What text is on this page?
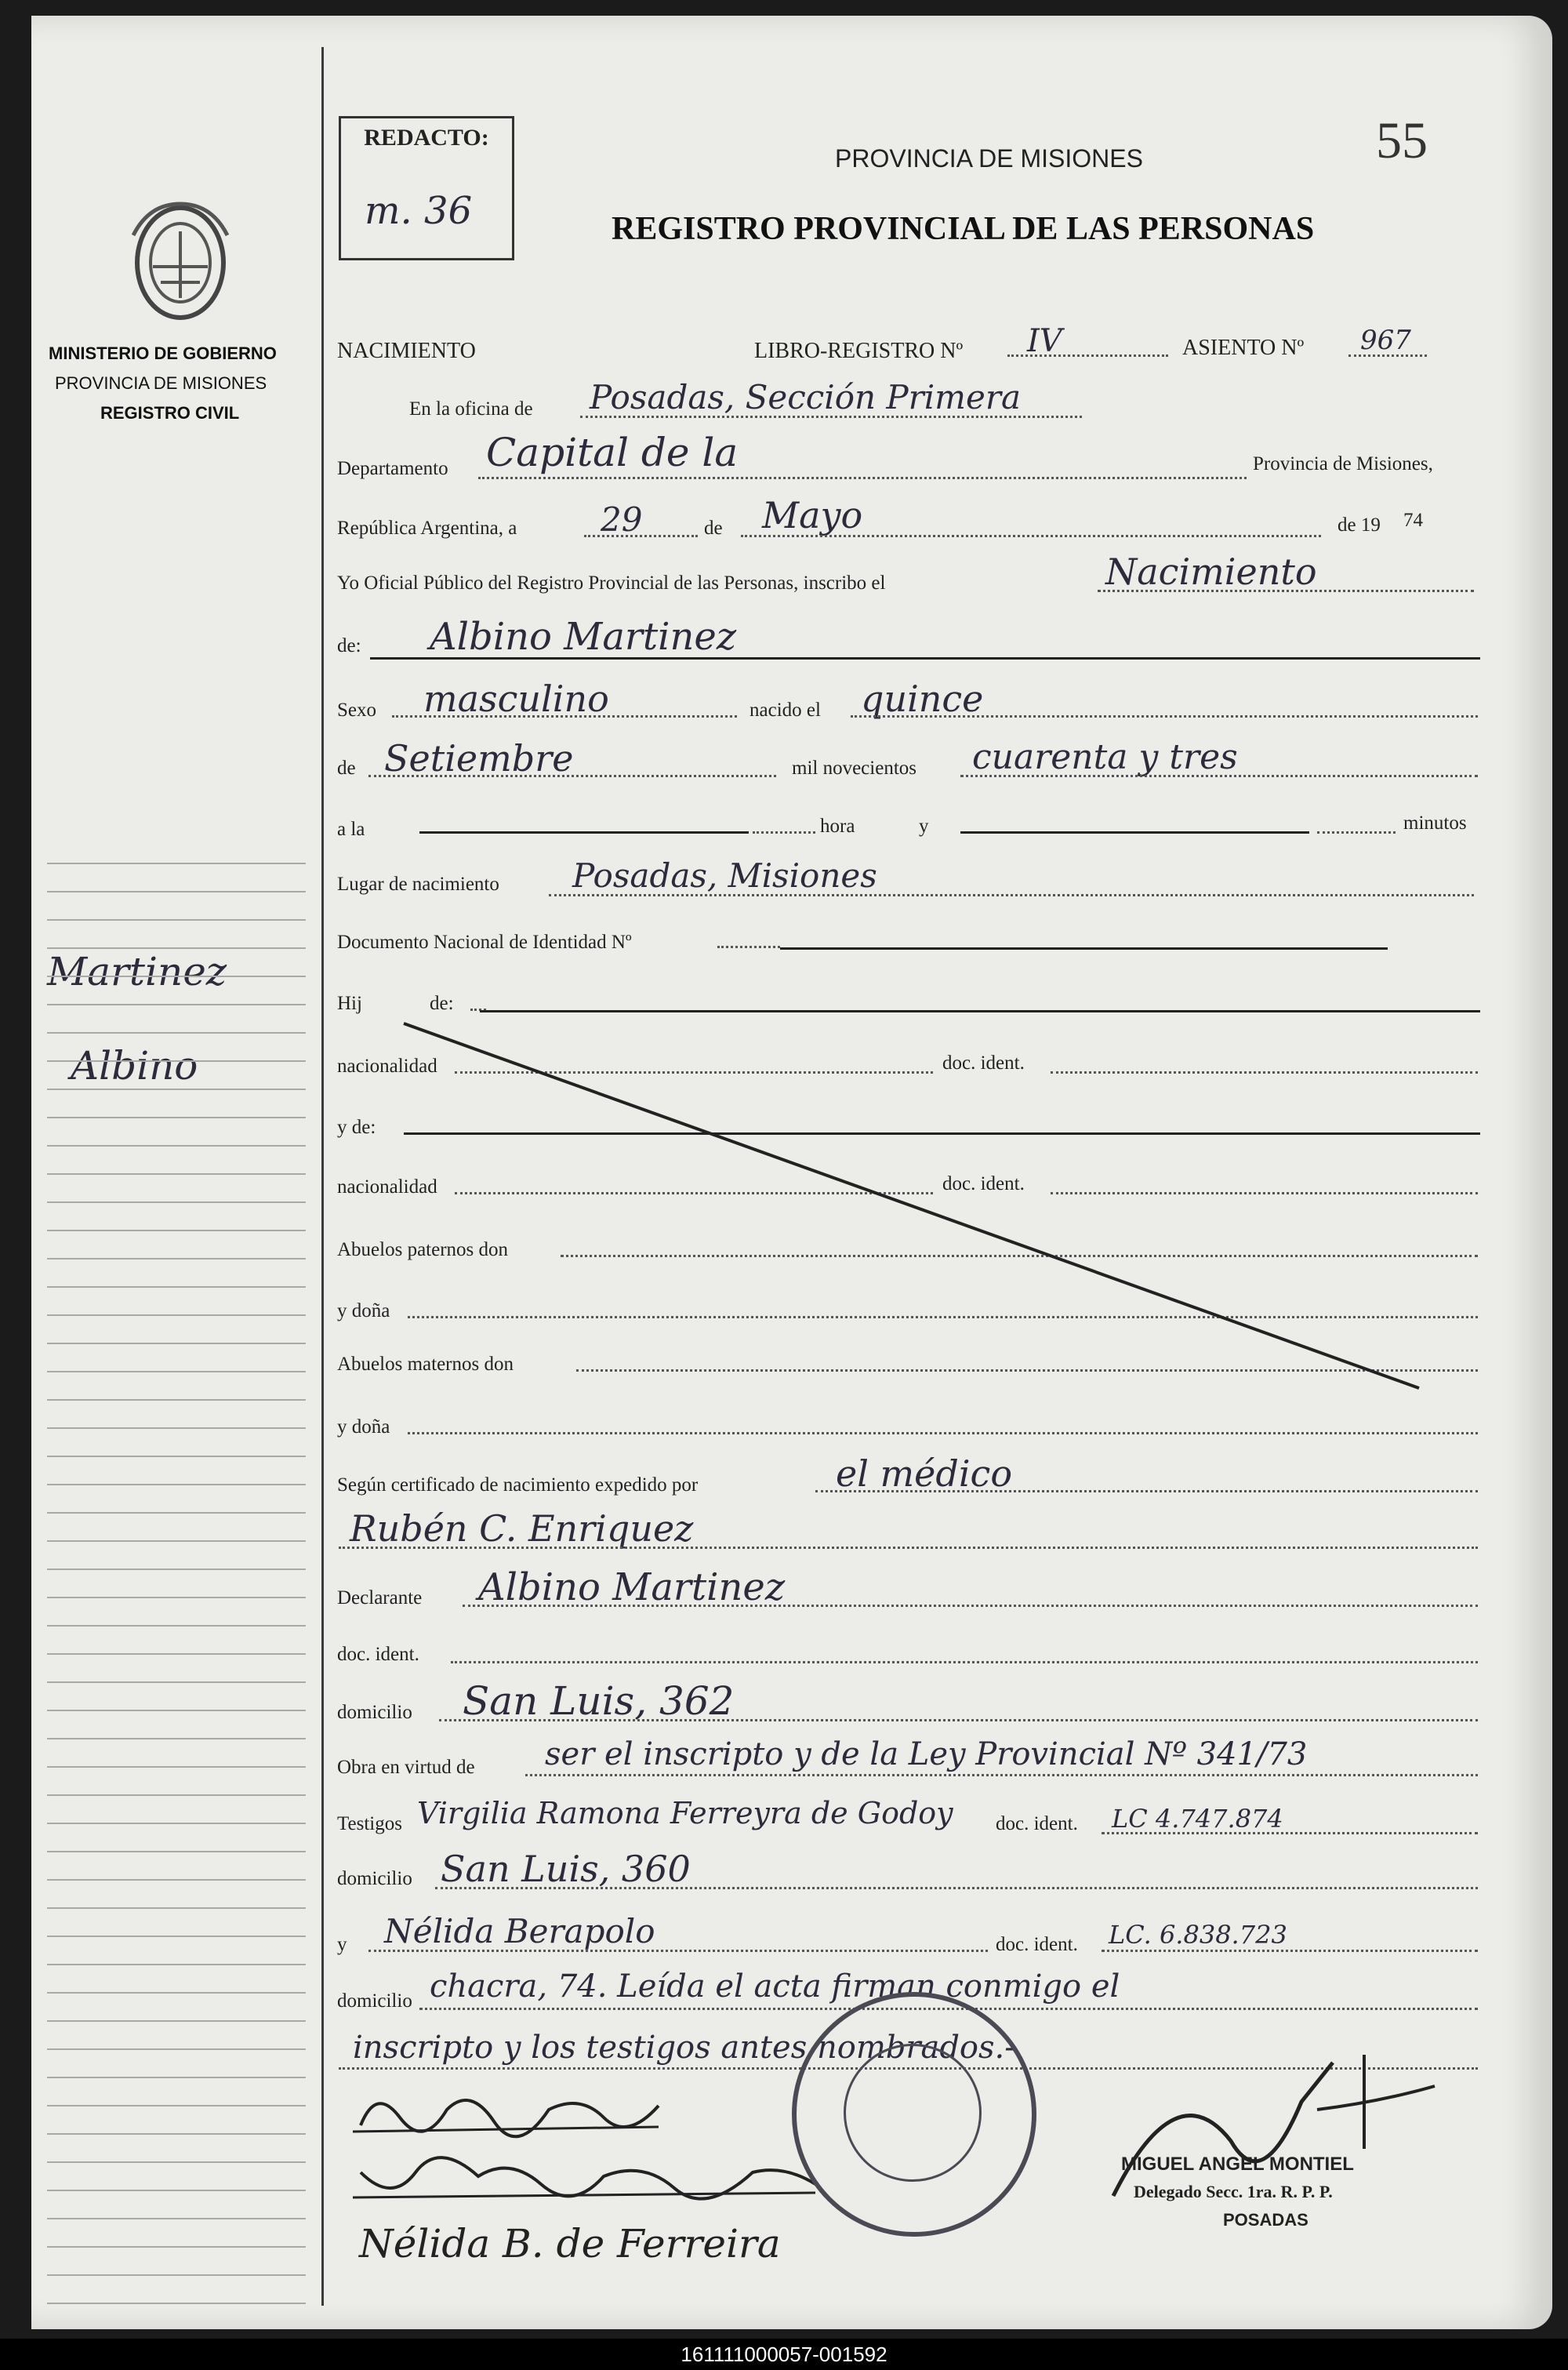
MINISTERIO DE GOBIERNO
PROVINCIA DE MISIONES
REGISTRO CIVIL
Martinez
Albino
REDACTO:
m. 36
55
PROVINCIA DE MISIONES
REGISTRO PROVINCIAL DE LAS PERSONAS
NACIMIENTO	LIBRO-REGISTRO Nº IV	ASIENTO Nº 967
En la oficina de Posadas, Sección Primera
Departamento Capital de la	Provincia de Misiones,
República Argentina, a	29	de Mayo	de 19 74
Yo Oficial Público del Registro Provincial de las Personas, inscribo el	Nacimiento
de: Albino Martinez
Sexo masculino	nacido el quince
de Setiembre	mil novecientos cuarenta y tres
a la	hora	y	minutos
Lugar de nacimiento Posadas, Misiones
Documento Nacional de Identidad Nº
Hij	de:
nacionalidad	doc. ident.
y de:
nacionalidad	doc. ident.
Abuelos paternos don
y doña
Abuelos maternos don
y doña
Según certificado de nacimiento expedido por	el médico
Rubén C. Enriquez
Declarante Albino Martinez
doc. ident.
domicilio San Luis, 362
Obra en virtud de ser el inscripto y de la Ley Provincial Nº 341/73
Testigos Virgilia Ramona Ferreyra de Godoy doc. ident. LC 4.747.874
domicilio San Luis, 360
y Nélida Berapolo	doc. ident. LC. 6.838.723
domicilio chacra, 74. Leída el acta firman conmigo el
inscripto y los testigos antes nombrados.-
Nélida B. de Ferreira
MIGUEL ANGEL MONTIEL
Delegado Secc. 1ra. R. P. P.
POSADAS
161111000057-001592
